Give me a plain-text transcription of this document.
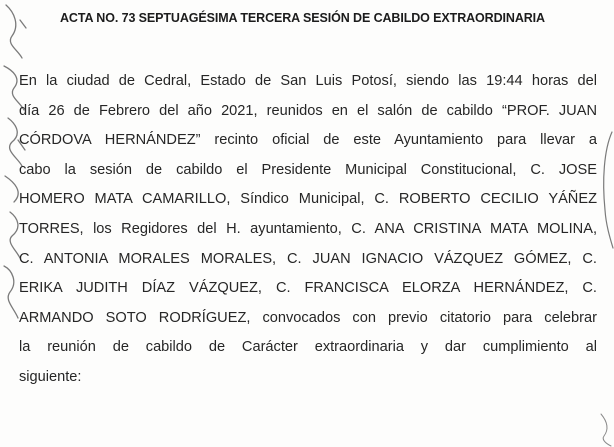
ACTA NO. 73 SEPTUAGÉSIMA TERCERA SESIÓN DE CABILDO EXTRAORDINARIA
En la ciudad de Cedral, Estado de San Luis Potosí, siendo las 19:44 horas del
día 26 de Febrero del año 2021, reunidos en el salón de cabildo “PROF. JUAN
CÓRDOVA HERNÁNDEZ” recinto oficial de este Ayuntamiento para llevar a
cabo la sesión de cabildo el Presidente Municipal Constitucional, C. JOSE
HOMERO MATA CAMARILLO, Síndico Municipal, C. ROBERTO CECILIO YÁÑEZ
TORRES, los Regidores del H. ayuntamiento, C. ANA CRISTINA MATA MOLINA,
C. ANTONIA MORALES MORALES, C. JUAN IGNACIO VÁZQUEZ GÓMEZ, C.
ERIKA JUDITH DÍAZ VÁZQUEZ, C. FRANCISCA ELORZA HERNÁNDEZ, C.
ARMANDO SOTO RODRÍGUEZ, convocados con previo citatorio para celebrar
la reunión de cabildo de Carácter extraordinaria y dar cumplimiento al
siguiente:
